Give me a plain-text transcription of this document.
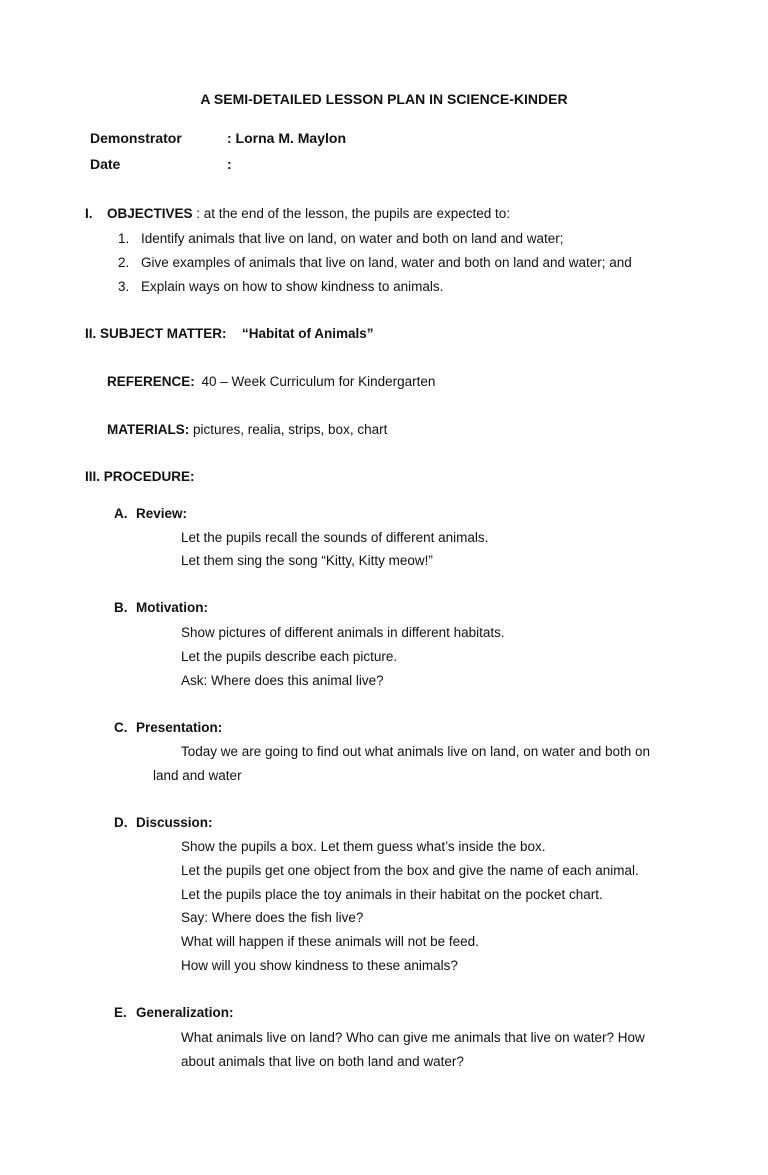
A SEMI-DETAILED LESSON PLAN IN SCIENCE-KINDER
Demonstrator	: Lorna M. Maylon
Date	:
I. OBJECTIVES : at the end of the lesson, the pupils are expected to:
1. Identify animals that live on land, on water and both on land and water;
2. Give examples of animals that live on land, water and both on land and water; and
3. Explain ways on how to show kindness to animals.
II. SUBJECT MATTER: “Habitat of Animals”
REFERENCE: 40 – Week Curriculum for Kindergarten
MATERIALS: pictures, realia, strips, box, chart
III. PROCEDURE:
A. Review:
Let the pupils recall the sounds of different animals.
Let them sing the song “Kitty, Kitty meow!”
B. Motivation:
Show pictures of different animals in different habitats.
Let the pupils describe each picture.
Ask: Where does this animal live?
C. Presentation:
Today we are going to find out what animals live on land, on water and both on
land and water
D. Discussion:
Show the pupils a box. Let them guess what’s inside the box.
Let the pupils get one object from the box and give the name of each animal.
Let the pupils place the toy animals in their habitat on the pocket chart.
Say: Where does the fish live?
What will happen if these animals will not be feed.
How will you show kindness to these animals?
E. Generalization:
What animals live on land? Who can give me animals that live on water? How
about animals that live on both land and water?
